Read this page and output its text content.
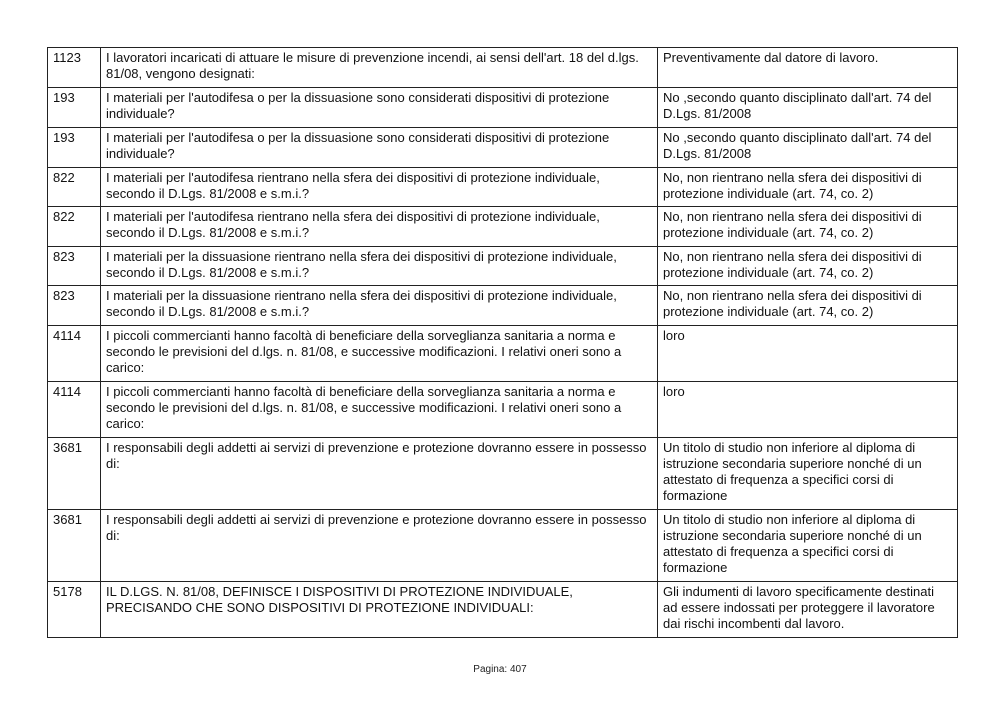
1123	I lavoratori incaricati di attuare le misure di prevenzione incendi, ai sensi dell'art. 18 del d.lgs. 81/08, vengono designati:	Preventivamente dal datore di lavoro.
193	I materiali per l'autodifesa o per la dissuasione sono considerati dispositivi di protezione individuale?	No ,secondo quanto disciplinato dall'art. 74 del D.Lgs. 81/2008
193	I materiali per l'autodifesa o per la dissuasione sono considerati dispositivi di protezione individuale?	No ,secondo quanto disciplinato dall'art. 74 del D.Lgs. 81/2008
822	I materiali per l'autodifesa rientrano nella sfera dei dispositivi di protezione individuale, secondo il D.Lgs. 81/2008 e s.m.i.?	No, non rientrano nella sfera dei dispositivi di protezione individuale (art. 74, co. 2)
822	I materiali per l'autodifesa rientrano nella sfera dei dispositivi di protezione individuale, secondo il D.Lgs. 81/2008 e s.m.i.?	No, non rientrano nella sfera dei dispositivi di protezione individuale (art. 74, co. 2)
823	I materiali per la dissuasione rientrano nella sfera dei dispositivi di protezione individuale, secondo il D.Lgs. 81/2008 e s.m.i.?	No, non rientrano nella sfera dei dispositivi di protezione individuale (art. 74, co. 2)
823	I materiali per la dissuasione rientrano nella sfera dei dispositivi di protezione individuale, secondo il D.Lgs. 81/2008 e s.m.i.?	No, non rientrano nella sfera dei dispositivi di protezione individuale (art. 74, co. 2)
4114	I piccoli commercianti hanno facoltà di beneficiare della sorveglianza sanitaria a norma e secondo le previsioni del d.lgs. n. 81/08, e successive modificazioni. I relativi oneri sono a carico:	loro
4114	I piccoli commercianti hanno facoltà di beneficiare della sorveglianza sanitaria a norma e secondo le previsioni del d.lgs. n. 81/08, e successive modificazioni. I relativi oneri sono a carico:	loro
3681	I responsabili degli addetti ai servizi di prevenzione e protezione dovranno essere in possesso di:	Un titolo di studio non inferiore al diploma di istruzione secondaria superiore nonché di un attestato di frequenza a specifici corsi di formazione
3681	I responsabili degli addetti ai servizi di prevenzione e protezione dovranno essere in possesso di:	Un titolo di studio non inferiore al diploma di istruzione secondaria superiore nonché di un attestato di frequenza a specifici corsi di formazione
5178	IL D.LGS. N. 81/08, DEFINISCE I DISPOSITIVI DI PROTEZIONE INDIVIDUALE, PRECISANDO CHE SONO DISPOSITIVI DI PROTEZIONE INDIVIDUALI:	Gli indumenti di lavoro specificamente destinati ad essere indossati per proteggere il lavoratore dai rischi incombenti dal lavoro.
Pagina: 407
